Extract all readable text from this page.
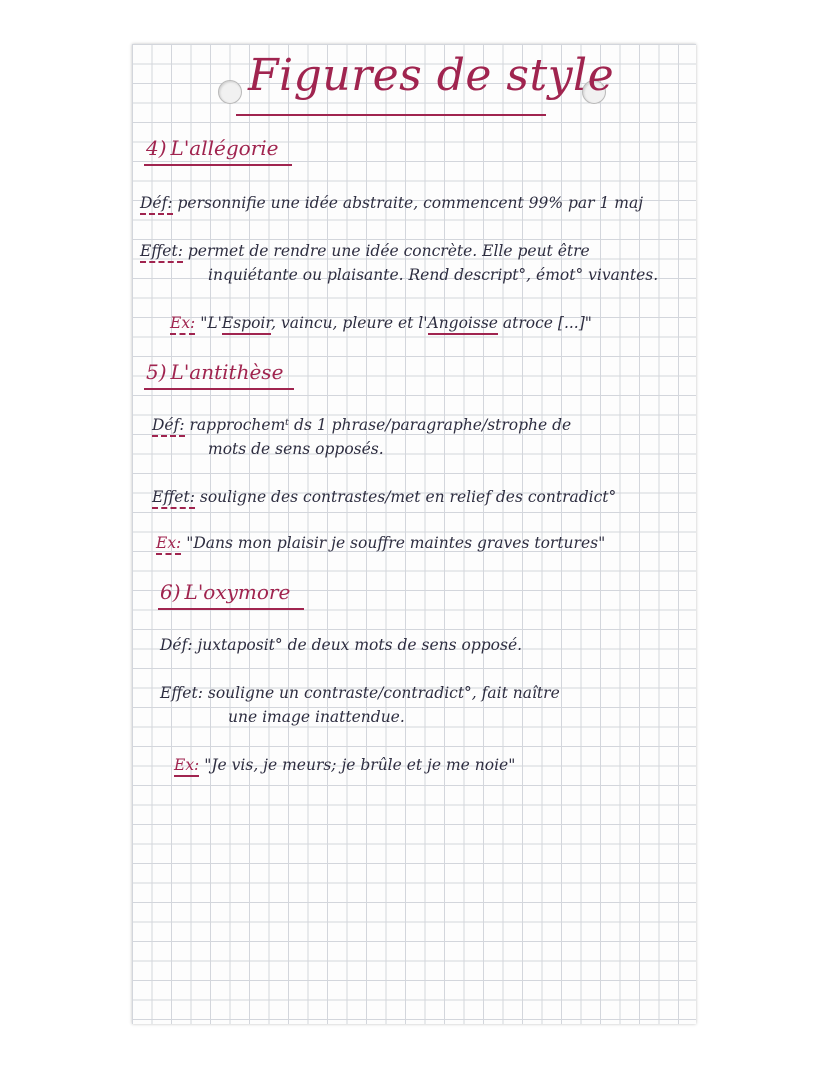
Figures de style
4) L'allégorie
Déf: personnifie une idée abstraite, commencent 99% par 1 maj
Effet: permet de rendre une idée concrète. Elle peut être
inquiétante ou plaisante. Rend descript°, émot° vivantes.
Ex: "L'Espoir, vaincu, pleure et l'Angoisse atroce [...]"
5) L'antithèse
Déf: rapprochemᵗ ds 1 phrase/paragraphe/strophe de
mots de sens opposés.
Effet: souligne des contrastes/met en relief des contradict°
Ex: "Dans mon plaisir je souffre maintes graves tortures"
6) L'oxymore
Déf: juxtaposit° de deux mots de sens opposé.
Effet: souligne un contraste/contradict°, fait naître
une image inattendue.
Ex: "Je vis, je meurs; je brûle et je me noie"
